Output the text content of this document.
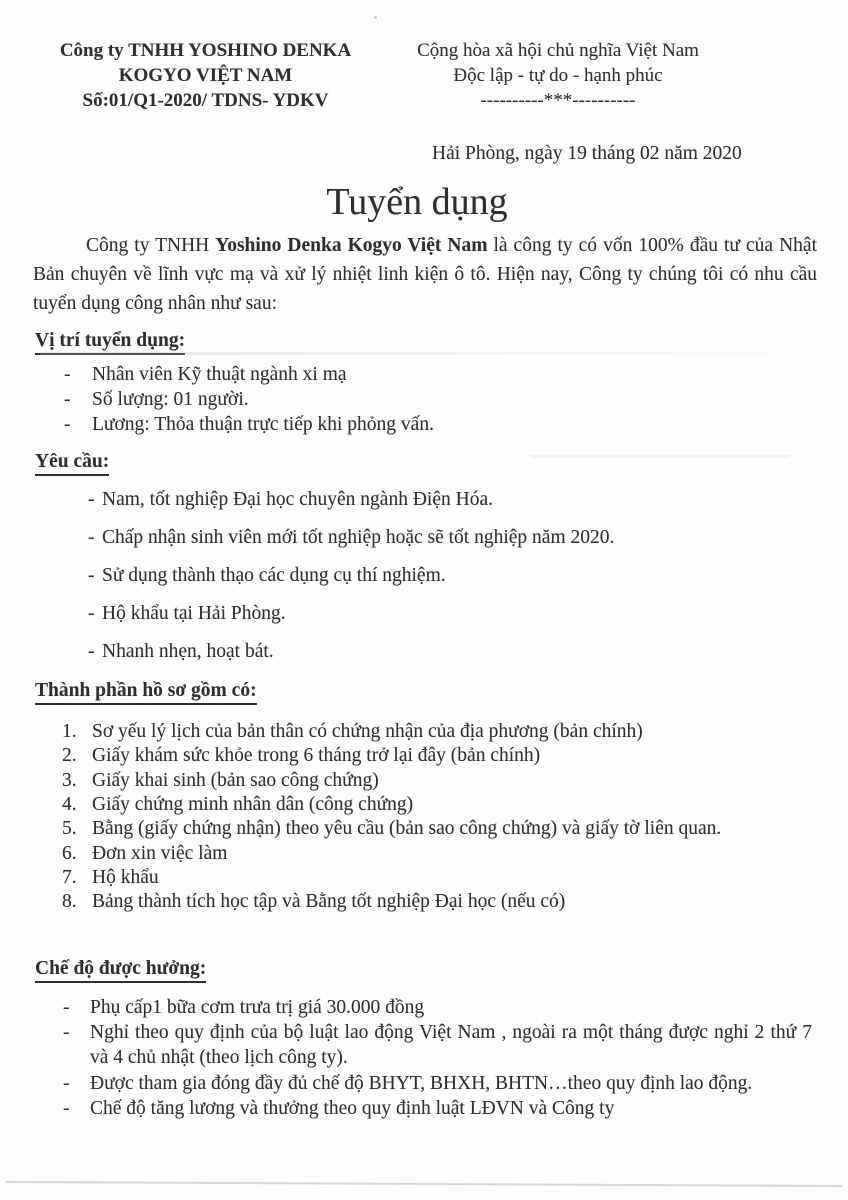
Công ty TNHH YOSHINO DENKA
KOGYO VIỆT NAM
Số:01/Q1-2020/ TDNS- YDKV
Cộng hòa xã hội chủ nghĩa Việt Nam
Độc lập - tự do - hạnh phúc
----------***----------
Hải Phòng, ngày 19 tháng 02 năm 2020
Tuyển dụng

Công ty TNHH Yoshino Denka Kogyo Việt Nam là công ty có vốn 100% đầu tư của Nhật Bản chuyên về lĩnh vực mạ và xử lý nhiệt linh kiện ô tô. Hiện nay, Công ty chúng tôi có nhu cầu tuyển dụng công nhân như sau:

Vị trí tuyển dụng:
- Nhân viên Kỹ thuật ngành xi mạ
- Số lượng: 01 người.
- Lương: Thỏa thuận trực tiếp khi phỏng vấn.
Yêu cầu:
- Nam, tốt nghiệp Đại học chuyên ngành Điện Hóa.
- Chấp nhận sinh viên mới tốt nghiệp hoặc sẽ tốt nghiệp năm 2020.
- Sử dụng thành thạo các dụng cụ thí nghiệm.
- Hộ khẩu tại Hải Phòng.
- Nhanh nhẹn, hoạt bát.
Thành phần hồ sơ gồm có:
1. Sơ yếu lý lịch của bản thân có chứng nhận của địa phương (bản chính)
2. Giấy khám sức khỏe trong 6 tháng trở lại đây (bản chính)
3. Giấy khai sinh (bản sao công chứng)
4. Giấy chứng minh nhân dân (công chứng)
5. Bằng (giấy chứng nhận) theo yêu cầu (bản sao công chứng) và giấy tờ liên quan.
6. Đơn xin việc làm
7. Hộ khẩu
8. Bảng thành tích học tập và Bằng tốt nghiệp Đại học (nếu có)
Chế độ được hưởng:
- Phụ cấp1 bữa cơm trưa trị giá 30.000 đồng
- Nghỉ theo quy định của bộ luật lao động Việt Nam , ngoài ra một tháng được nghỉ 2 thứ 7 và 4 chủ nhật (theo lịch công ty).
- Được tham gia đóng đầy đủ chế độ BHYT, BHXH, BHTN…theo quy định lao động.
- Chế độ tăng lương và thưởng theo quy định luật LĐVN và Công ty
